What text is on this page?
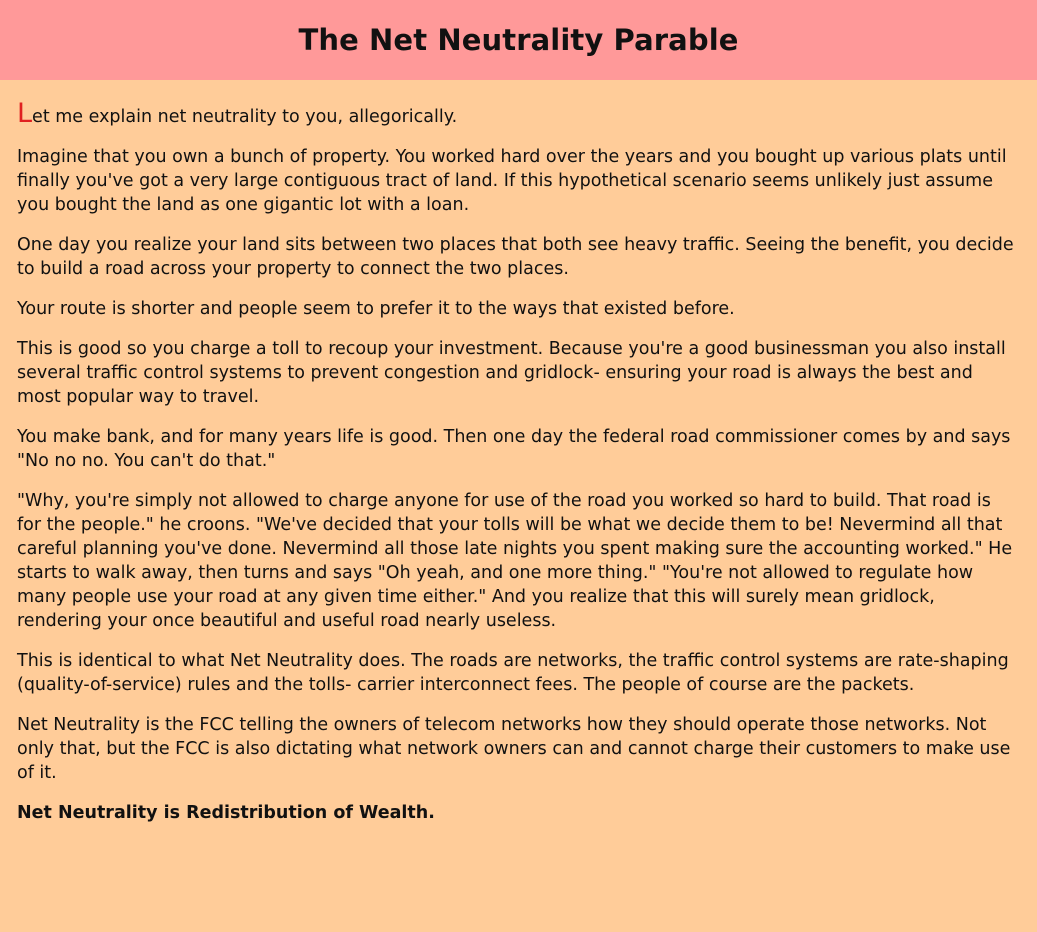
The Net Neutrality Parable

Let me explain net neutrality to you, allegorically.

Imagine that you own a bunch of property. You worked hard over the years and you bought up various plats until finally you've got a very large contiguous tract of land. If this hypothetical scenario seems unlikely just assume you bought the land as one gigantic lot with a loan.

One day you realize your land sits between two places that both see heavy traffic. Seeing the benefit, you decide to build a road across your property to connect the two places.

Your route is shorter and people seem to prefer it to the ways that existed before.

This is good so you charge a toll to recoup your investment. Because you're a good businessman you also install several traffic control systems to prevent congestion and gridlock- ensuring your road is always the best and most popular way to travel.

You make bank, and for many years life is good. Then one day the federal road commissioner comes by and says "No no no. You can't do that."

"Why, you're simply not allowed to charge anyone for use of the road you worked so hard to build. That road is for the people." he croons. "We've decided that your tolls will be what we decide them to be! Nevermind all that careful planning you've done. Nevermind all those late nights you spent making sure the accounting worked." He starts to walk away, then turns and says "Oh yeah, and one more thing." "You're not allowed to regulate how many people use your road at any given time either." And you realize that this will surely mean gridlock, rendering your once beautiful and useful road nearly useless.

This is identical to what Net Neutrality does. The roads are networks, the traffic control systems are rate-shaping (quality-of-service) rules and the tolls- carrier interconnect fees. The people of course are the packets.

Net Neutrality is the FCC telling the owners of telecom networks how they should operate those networks. Not only that, but the FCC is also dictating what network owners can and cannot charge their customers to make use of it.

Net Neutrality is Redistribution of Wealth.
